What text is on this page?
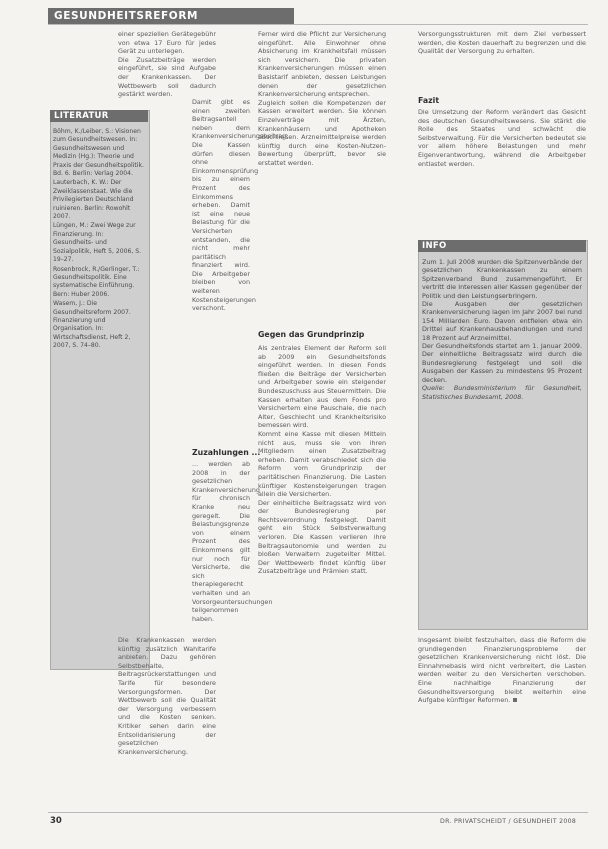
GESUNDHEITSREFORM

einer speziellen Gerätegebühr von etwa 17 Euro für jedes Gerät zu unterlegen.

Die Zusatzbeiträge werden eingeführt, sie sind Aufgabe der Krankenkassen. Der Wettbewerb soll dadurch gestärkt werden.

LITERATUR

Böhm, K./Leiber, S.: Visionen zum Gesundheitswesen. In: Gesundheitswesen und Medizin (Hg.): Theorie und Praxis der Gesundheitspolitik. Bd. 6. Berlin: Verlag 2004.

Lauterbach, K. W.: Der Zweiklassenstaat. Wie die Privilegierten Deutschland ruinieren. Berlin: Rowohlt 2007.

Lüngen, M.: Zwei Wege zur Finanzierung. In: Gesundheits- und Sozialpolitik, Heft 5, 2006, S. 19–27.

Rosenbrock, R./Gerlinger, T.: Gesundheitspolitik. Eine systematische Einführung. Bern: Huber 2006.

Wasem, J.: Die Gesundheitsreform 2007. Finanzierung und Organisation. In: Wirtschaftsdienst, Heft 2, 2007, S. 74–80.

Damit gibt es einen zweiten Beitragsanteil neben dem Krankenversicherungsbeitrag. Die Kassen dürfen diesen ohne Einkommensprüfung bis zu einem Prozent des Einkommens erheben. Damit ist eine neue Belastung für die Versicherten entstanden, die nicht mehr paritätisch finanziert wird. Die Arbeitgeber bleiben von weiteren Kostensteigerungen verschont.

Zuzahlungen ...

... werden ab 2008 in der gesetzlichen Krankenversicherung für chronisch Kranke neu geregelt. Die Belastungsgrenze von einem Prozent des Einkommens gilt nur noch für Versicherte, die sich therapiegerecht verhalten und an Vorsorgeuntersuchungen teilgenommen haben.

Die Krankenkassen werden künftig zusätzlich Wahltarife anbieten. Dazu gehören Selbstbehalte, Beitragsrückerstattungen und Tarife für besondere Versorgungsformen. Der Wettbewerb soll die Qualität der Versorgung verbessern und die Kosten senken. Kritiker sehen darin eine Entsolidarisierung der gesetzlichen Krankenversicherung.

Ferner wird die Pflicht zur Versicherung eingeführt. Alle Einwohner ohne Absicherung im Krankheitsfall müssen sich versichern. Die privaten Krankenversicherungen müssen einen Basistarif anbieten, dessen Leistungen denen der gesetzlichen Krankenversicherung entsprechen.

Zugleich sollen die Kompetenzen der Kassen erweitert werden. Sie können Einzelverträge mit Ärzten, Krankenhäusern und Apotheken abschließen. Arzneimittelpreise werden künftig durch eine Kosten-Nutzen-Bewertung überprüft, bevor sie erstattet werden.

Gegen das Grundprinzip

Als zentrales Element der Reform soll ab 2009 ein Gesundheitsfonds eingeführt werden. In diesen Fonds fließen die Beiträge der Versicherten und Arbeitgeber sowie ein steigender Bundeszuschuss aus Steuermitteln. Die Kassen erhalten aus dem Fonds pro Versichertem eine Pauschale, die nach Alter, Geschlecht und Krankheitsrisiko bemessen wird.

Kommt eine Kasse mit diesen Mitteln nicht aus, muss sie von ihren Mitgliedern einen Zusatzbeitrag erheben. Damit verabschiedet sich die Reform vom Grundprinzip der paritätischen Finanzierung. Die Lasten künftiger Kostensteigerungen tragen allein die Versicherten.

Der einheitliche Beitragssatz wird von der Bundesregierung per Rechtsverordnung festgelegt. Damit geht ein Stück Selbstverwaltung verloren. Die Kassen verlieren ihre Beitragsautonomie und werden zu bloßen Verwaltern zugeteilter Mittel. Der Wettbewerb findet künftig über Zusatzbeiträge und Prämien statt.

Versorgungsstrukturen mit dem Ziel verbessert werden, die Kosten dauerhaft zu begrenzen und die Qualität der Versorgung zu erhalten.

Fazit

Die Umsetzung der Reform verändert das Gesicht des deutschen Gesundheitswesens. Sie stärkt die Rolle des Staates und schwächt die Selbstverwaltung. Für die Versicherten bedeutet sie vor allem höhere Belastungen und mehr Eigenverantwortung, während die Arbeitgeber entlastet werden.

INFO

Zum 1. Juli 2008 wurden die Spitzenverbände der gesetzlichen Krankenkassen zu einem Spitzenverband Bund zusammengeführt. Er vertritt die Interessen aller Kassen gegenüber der Politik und den Leistungserbringern.

Die Ausgaben der gesetzlichen Krankenversicherung lagen im Jahr 2007 bei rund 154 Milliarden Euro. Davon entfielen etwa ein Drittel auf Krankenhausbehandlungen und rund 18 Prozent auf Arzneimittel.

Der Gesundheitsfonds startet am 1. Januar 2009. Der einheitliche Beitragssatz wird durch die Bundesregierung festgelegt und soll die Ausgaben der Kassen zu mindestens 95 Prozent decken.

Quelle: Bundesministerium für Gesundheit, Statistisches Bundesamt, 2008.

Insgesamt bleibt festzuhalten, dass die Reform die grundlegenden Finanzierungsprobleme der gesetzlichen Krankenversicherung nicht löst. Die Einnahmebasis wird nicht verbreitert, die Lasten werden weiter zu den Versicherten verschoben. Eine nachhaltige Finanzierung der Gesundheitsversorgung bleibt weiterhin eine Aufgabe künftiger Reformen.

30	DR. PRIVATSCHEIDT / GESUNDHEIT 2008
